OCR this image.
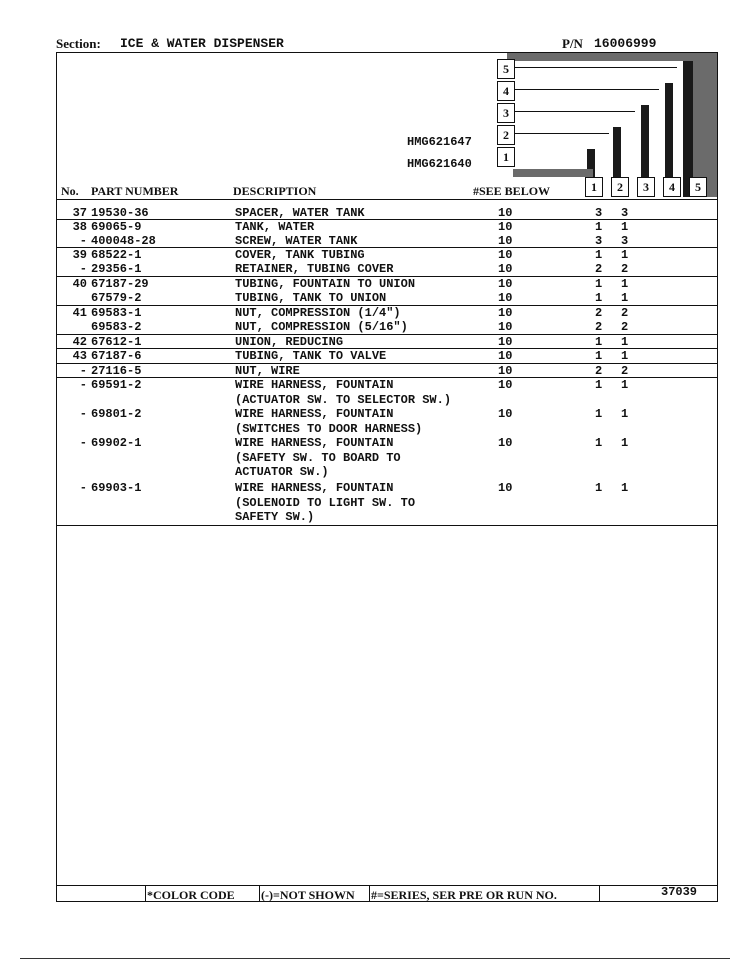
Section: ICE & WATER DISPENSER	P/N 16006999
5
4
3
2
1
HMG621647
HMG621640
No. PART NUMBER	DESCRIPTION	#SEE BELOW	1	2	3	4	5
37 19530-36	SPACER, WATER TANK	10	3 3
38 69065-9	TANK, WATER	10	1 1
- 400048-28	SCREW, WATER TANK	10	3 3
39 68522-1	COVER, TANK TUBING	10	1 1
- 29356-1	RETAINER, TUBING COVER	10	2 2
40 67187-29	TUBING, FOUNTAIN TO UNION	10	1 1
67579-2	TUBING, TANK TO UNION	10	1 1
41 69583-1	NUT, COMPRESSION (1/4")	10	2 2
69583-2	NUT, COMPRESSION (5/16")	10	2 2
42 67612-1	UNION, REDUCING	10	1 1
43 67187-6	TUBING, TANK TO VALVE	10	1 1
- 27116-5	NUT, WIRE	10	2 2
- 69591-2	WIRE HARNESS, FOUNTAIN	10	1 1
(ACTUATOR SW. TO SELECTOR SW.)
- 69801-2	WIRE HARNESS, FOUNTAIN	10	1 1
(SWITCHES TO DOOR HARNESS)
- 69902-1	WIRE HARNESS, FOUNTAIN	10	1 1
(SAFETY SW. TO BOARD TO
ACTUATOR SW.)
- 69903-1	WIRE HARNESS, FOUNTAIN	10	1 1
(SOLENOID TO LIGHT SW. TO
SAFETY SW.)
*COLOR CODE (-)=NOT SHOWN #=SERIES, SER PRE OR RUN NO.	37039
